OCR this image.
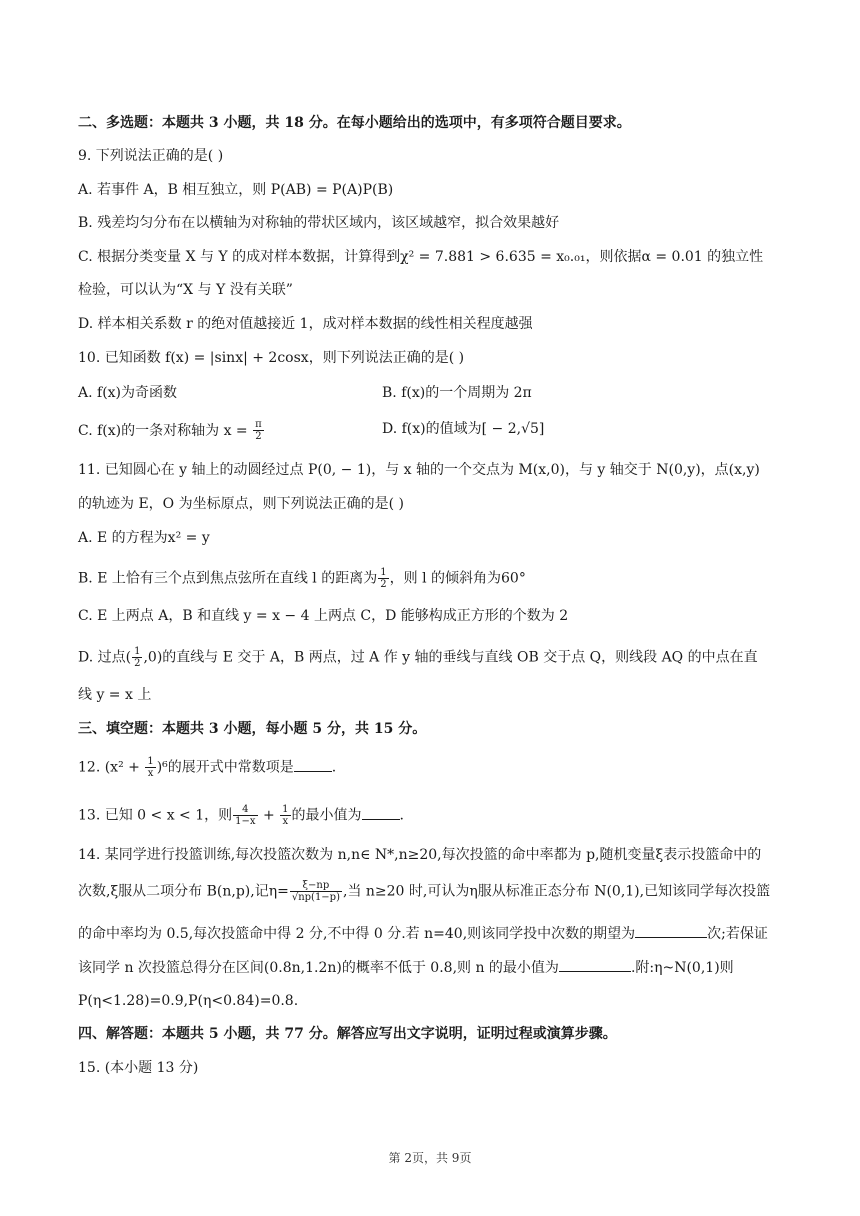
二、多选题：本题共 3 小题，共 18 分。在每小题给出的选项中，有多项符合题目要求。
9. 下列说法正确的是( )
A. 若事件 A，B 相互独立，则 P(AB) = P(A)P(B)
B. 残差均匀分布在以横轴为对称轴的带状区域内，该区域越窄，拟合效果越好
C. 根据分类变量 X 与 Y 的成对样本数据，计算得到χ² = 7.881 > 6.635 = x₀.₀₁，则依据α = 0.01 的独立性
检验，可以认为“X 与 Y 没有关联”
D. 样本相关系数 r 的绝对值越接近 1，成对样本数据的线性相关程度越强
10. 已知函数 f(x) = |sinx| + 2cosx，则下列说法正确的是( )
A. f(x)为奇函数	B. f(x)的一个周期为 2π
C. f(x)的一条对称轴为 $x = \frac{\pi}{2}$	D. f(x)的值域为[ − 2,√5]
11. 已知圆心在 y 轴上的动圆经过点 P(0, − 1)，与 x 轴的一个交点为 M(x,0)，与 y 轴交于 N(0,y)，点(x,y)
的轨迹为 E，O 为坐标原点，则下列说法正确的是( )
A. E 的方程为x² = y
B. E 上恰有三个点到焦点弦所在直线 l 的距离为 $\frac{1}{2}$ ，则 l 的倾斜角为60°
C. E 上两点 A，B 和直线 y = x − 4 上两点 C，D 能够构成正方形的个数为 2
D. 过点( $\frac{1}{2} ,0$)的直线与 E 交于 A，B 两点，过 A 作 y 轴的垂线与直线 OB 交于点 Q，则线段 AQ 的中点在直
线 y = x 上
三、填空题：本题共 3 小题，每小题 5 分，共 15 分。
12. $(x^2 + \frac{1}{x} )^6$的展开式中常数项是	.
13. 已知 0 < x < 1，则 $\frac{4}{1-x} + \frac{1}{x}$ 的最小值为	.
14. 某同学进行投篮训练,每次投篮次数为 n,n∈ N*,n≥20,每次投篮的命中率都为 p,随机变量ξ表示投篮命中的
次数,ξ服从二项分布 B(n,p),记$\eta= \frac{\xi-np}{√np(1-p)}$ ,当 n≥20 时,可认为η服从标准正态分布 N(0,1),已知该同学每次投篮
的命中率均为 0.5,每次投篮命中得 2 分,不中得 0 分.若 n=40,则该同学投中次数的期望为	次;若保证
该同学 n 次投篮总得分在区间(0.8n,1.2n)的概率不低于 0.8,则 n 的最小值为	.附:η~N(0,1)则
P(η<1.28)=0.9,P(η<0.84)=0.8.
四、解答题：本题共 5 小题，共 77 分。解答应写出文字说明，证明过程或演算步骤。
15. (本小题 13 分)
第 2页，共 9页
